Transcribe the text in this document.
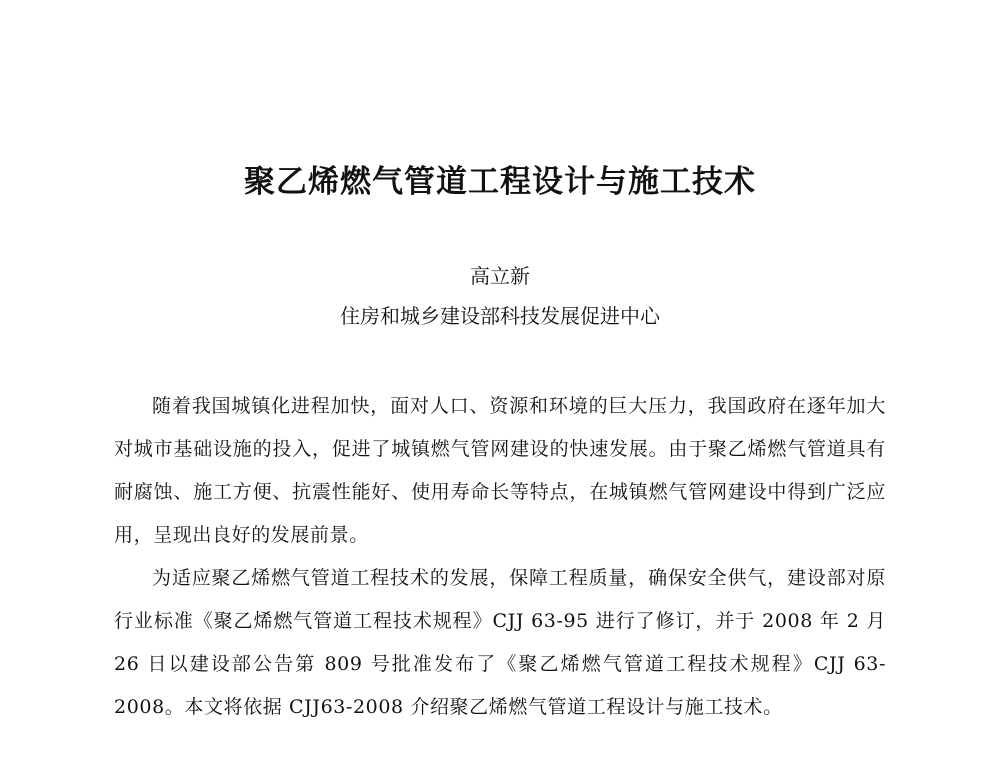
聚乙烯燃气管道工程设计与施工技术
高立新
住房和城乡建设部科技发展促进中心

随着我国城镇化进程加快，面对人口、资源和环境的巨大压力，我国政府在逐年加大对城市基础设施的投入，促进了城镇燃气管网建设的快速发展。由于聚乙烯燃气管道具有耐腐蚀、施工方便、抗震性能好、使用寿命长等特点，在城镇燃气管网建设中得到广泛应用，呈现出良好的发展前景。

为适应聚乙烯燃气管道工程技术的发展，保障工程质量，确保安全供气，建设部对原行业标准《聚乙烯燃气管道工程技术规程》CJJ 63-95 进行了修订，并于 2008 年 2 月 26 日以建设部公告第 809 号批准发布了《聚乙烯燃气管道工程技术规程》CJJ 63-2008。本文将依据 CJJ63-2008 介绍聚乙烯燃气管道工程设计与施工技术。
